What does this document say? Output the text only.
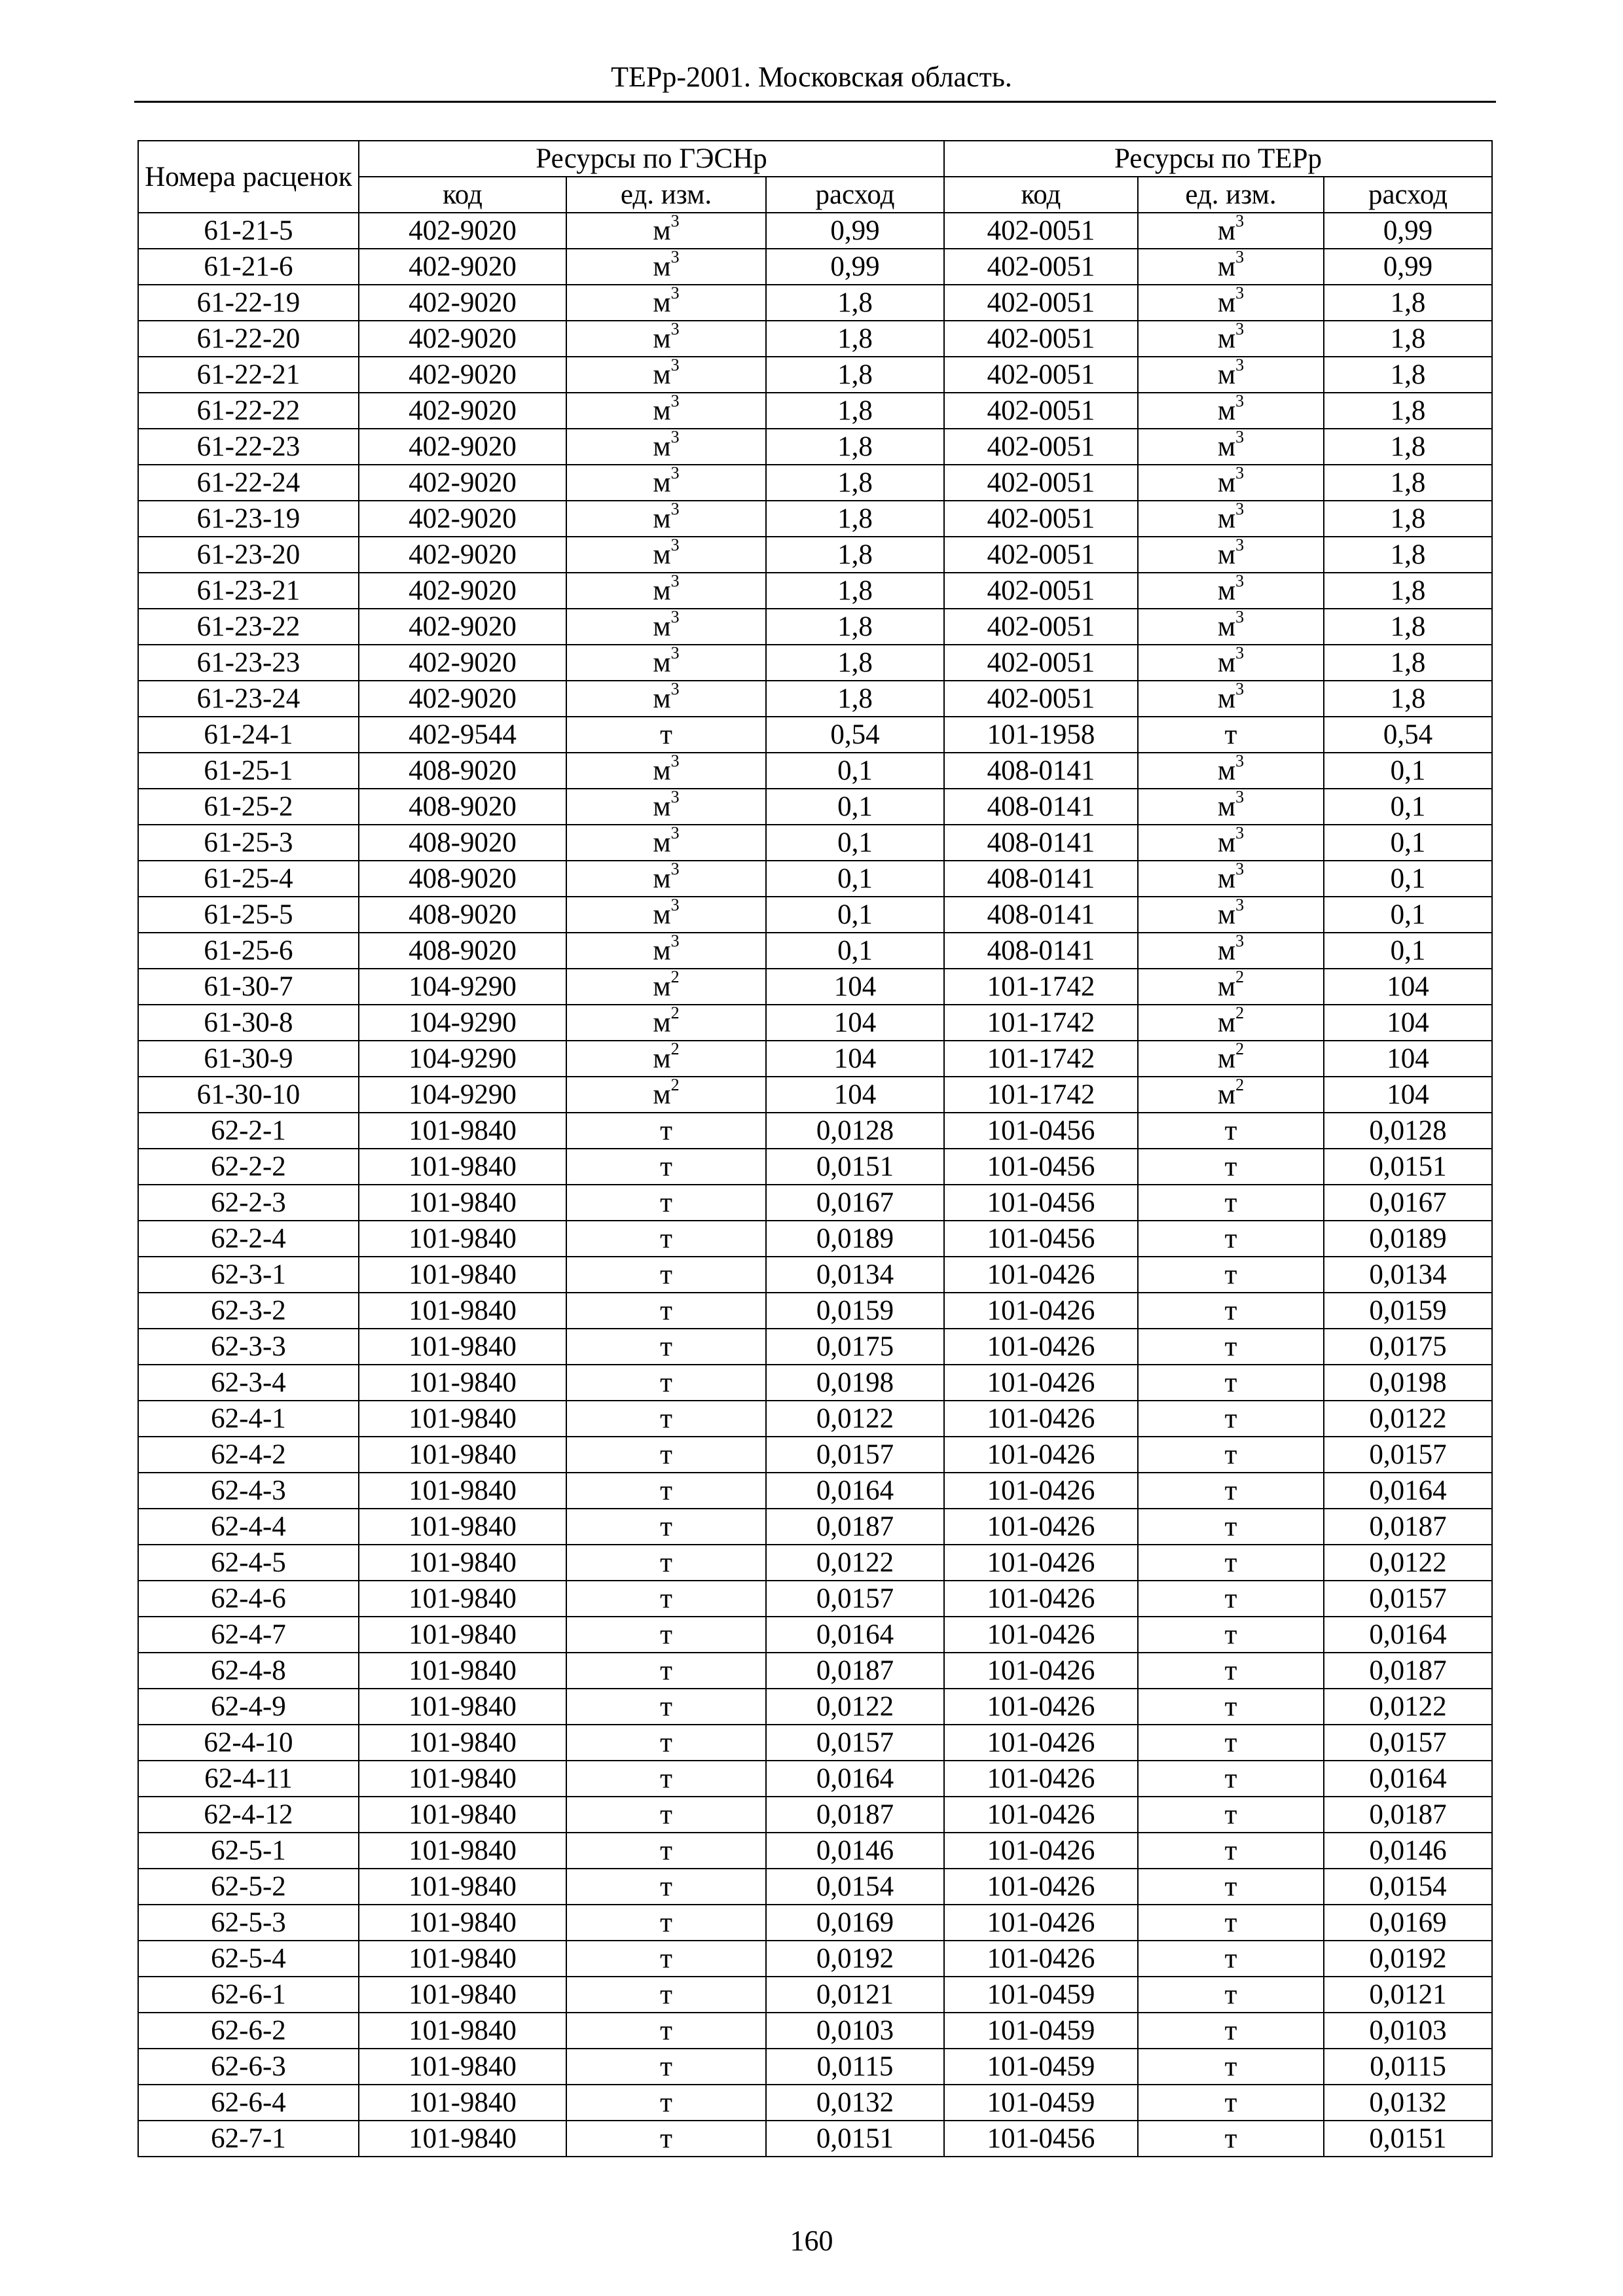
ТЕРр-2001. Московская область.
Номера расценок	Ресурсы по ГЭСНр			Ресурсы по ТЕРр		
	код	ед. изм.	расход	код	ед. изм.	расход
61-21-5	402-9020	$м^3$	0,99	402-0051	$м^3$	0,99
61-21-6	402-9020	$м^3$	0,99	402-0051	$м^3$	0,99
61-22-19	402-9020	$м^3$	1,8	402-0051	$м^3$	1,8
61-22-20	402-9020	$м^3$	1,8	402-0051	$м^3$	1,8
61-22-21	402-9020	$м^3$	1,8	402-0051	$м^3$	1,8
61-22-22	402-9020	$м^3$	1,8	402-0051	$м^3$	1,8
61-22-23	402-9020	$м^3$	1,8	402-0051	$м^3$	1,8
61-22-24	402-9020	$м^3$	1,8	402-0051	$м^3$	1,8
61-23-19	402-9020	$м^3$	1,8	402-0051	$м^3$	1,8
61-23-20	402-9020	$м^3$	1,8	402-0051	$м^3$	1,8
61-23-21	402-9020	$м^3$	1,8	402-0051	$м^3$	1,8
61-23-22	402-9020	$м^3$	1,8	402-0051	$м^3$	1,8
61-23-23	402-9020	$м^3$	1,8	402-0051	$м^3$	1,8
61-23-24	402-9020	$м^3$	1,8	402-0051	$м^3$	1,8
61-24-1	402-9544	т	0,54	101-1958	т	0,54
61-25-1	408-9020	$м^3$	0,1	408-0141	$м^3$	0,1
61-25-2	408-9020	$м^3$	0,1	408-0141	$м^3$	0,1
61-25-3	408-9020	$м^3$	0,1	408-0141	$м^3$	0,1
61-25-4	408-9020	$м^3$	0,1	408-0141	$м^3$	0,1
61-25-5	408-9020	$м^3$	0,1	408-0141	$м^3$	0,1
61-25-6	408-9020	$м^3$	0,1	408-0141	$м^3$	0,1
61-30-7	104-9290	$м^2$	104	101-1742	$м^2$	104
61-30-8	104-9290	$м^2$	104	101-1742	$м^2$	104
61-30-9	104-9290	$м^2$	104	101-1742	$м^2$	104
61-30-10	104-9290	$м^2$	104	101-1742	$м^2$	104
62-2-1	101-9840	т	0,0128	101-0456	т	0,0128
62-2-2	101-9840	т	0,0151	101-0456	т	0,0151
62-2-3	101-9840	т	0,0167	101-0456	т	0,0167
62-2-4	101-9840	т	0,0189	101-0456	т	0,0189
62-3-1	101-9840	т	0,0134	101-0426	т	0,0134
62-3-2	101-9840	т	0,0159	101-0426	т	0,0159
62-3-3	101-9840	т	0,0175	101-0426	т	0,0175
62-3-4	101-9840	т	0,0198	101-0426	т	0,0198
62-4-1	101-9840	т	0,0122	101-0426	т	0,0122
62-4-2	101-9840	т	0,0157	101-0426	т	0,0157
62-4-3	101-9840	т	0,0164	101-0426	т	0,0164
62-4-4	101-9840	т	0,0187	101-0426	т	0,0187
62-4-5	101-9840	т	0,0122	101-0426	т	0,0122
62-4-6	101-9840	т	0,0157	101-0426	т	0,0157
62-4-7	101-9840	т	0,0164	101-0426	т	0,0164
62-4-8	101-9840	т	0,0187	101-0426	т	0,0187
62-4-9	101-9840	т	0,0122	101-0426	т	0,0122
62-4-10	101-9840	т	0,0157	101-0426	т	0,0157
62-4-11	101-9840	т	0,0164	101-0426	т	0,0164
62-4-12	101-9840	т	0,0187	101-0426	т	0,0187
62-5-1	101-9840	т	0,0146	101-0426	т	0,0146
62-5-2	101-9840	т	0,0154	101-0426	т	0,0154
62-5-3	101-9840	т	0,0169	101-0426	т	0,0169
62-5-4	101-9840	т	0,0192	101-0426	т	0,0192
62-6-1	101-9840	т	0,0121	101-0459	т	0,0121
62-6-2	101-9840	т	0,0103	101-0459	т	0,0103
62-6-3	101-9840	т	0,0115	101-0459	т	0,0115
62-6-4	101-9840	т	0,0132	101-0459	т	0,0132
62-7-1	101-9840	т	0,0151	101-0456	т	0,0151
160
